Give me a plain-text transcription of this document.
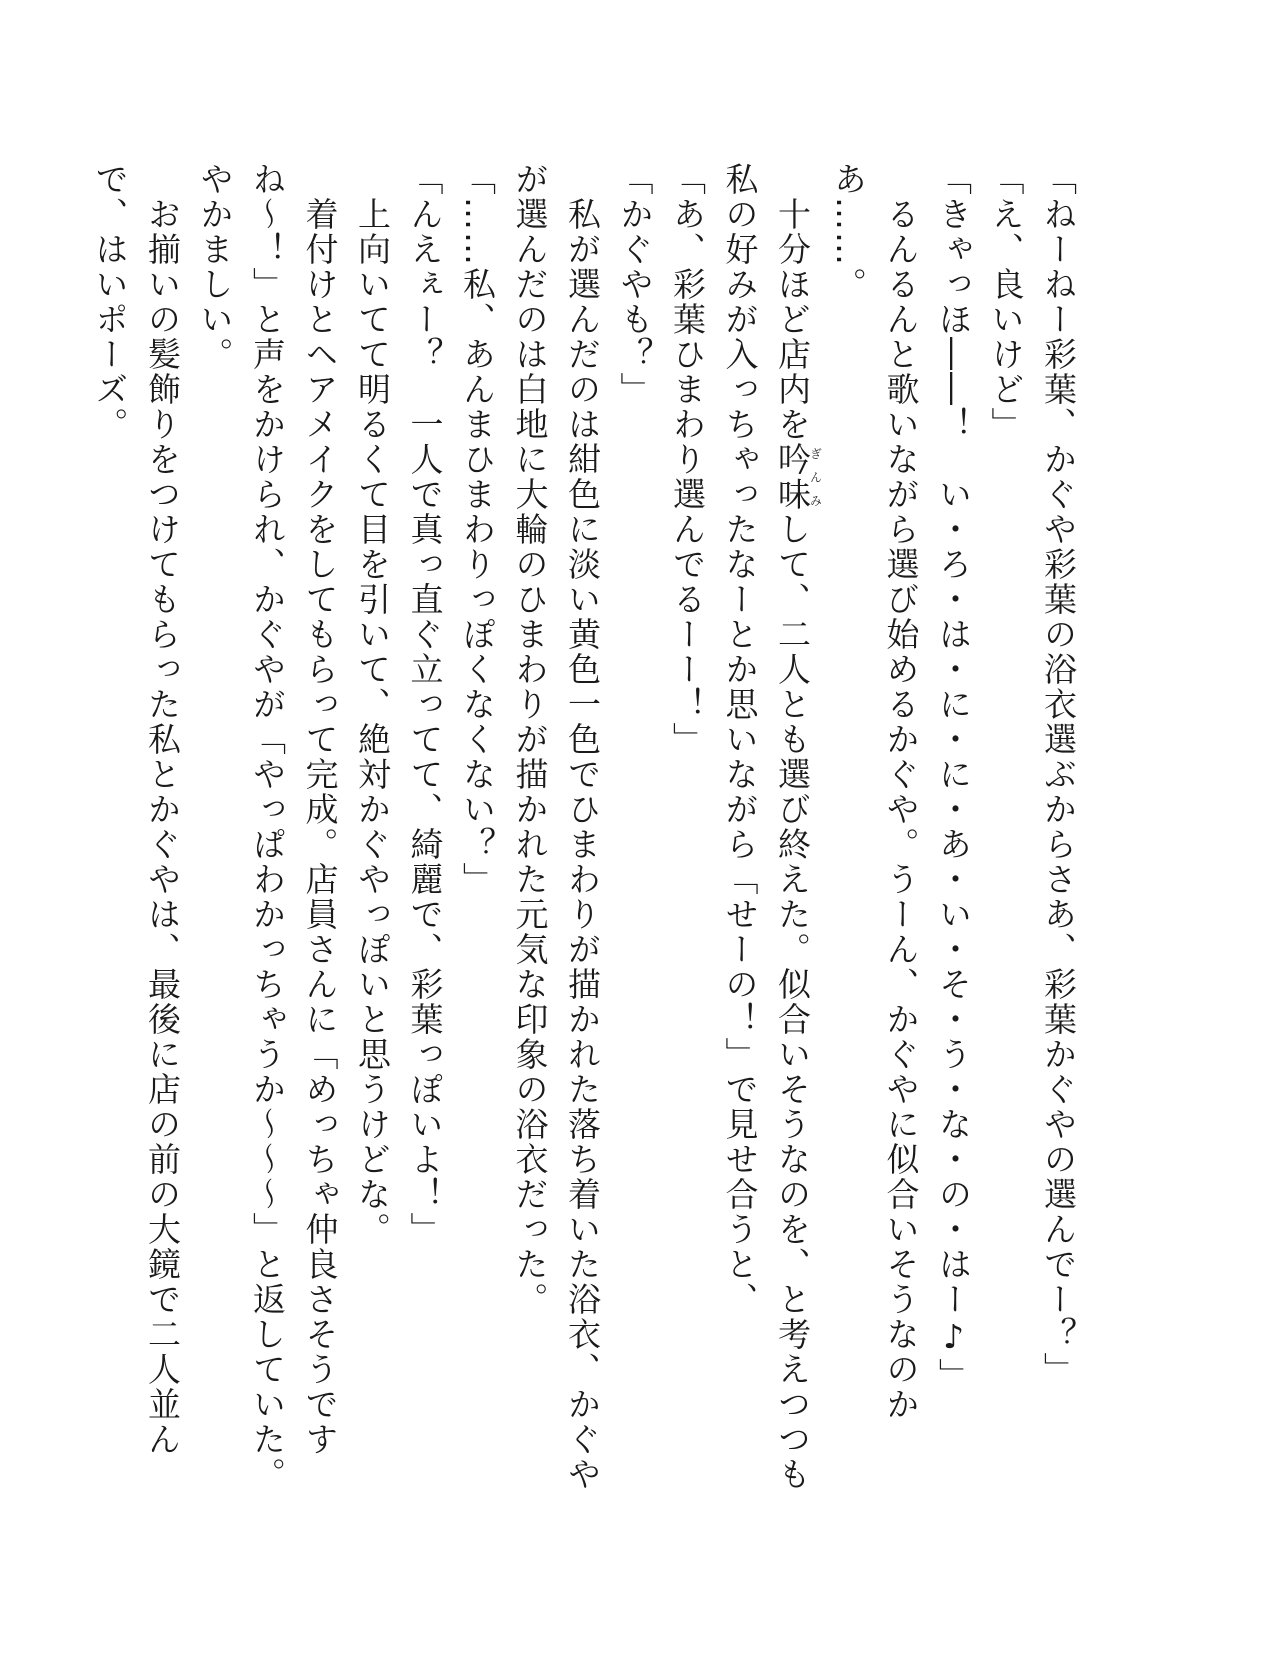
「ねーねー彩葉、かぐや彩葉の浴衣選ぶからさあ、彩葉かぐやの選んでー？」

「え、良いけど」

「きゃっほ――！　い・ろ・は・に・に・あ・い・そ・う・な・の・はー♪」

　るんるんと歌いながら選び始めるかぐや。うーん、かぐやに似合いそうなのかあ……。

　十分ほど店内を吟味ぎんみして、二人とも選び終えた。似合いそうなのを、と考えつつも私の好みが入っちゃったなーとか思いながら「せーの！」で見せ合うと、

「あ、彩葉ひまわり選んでるーー！」

「かぐやも？」

　私が選んだのは紺色に淡い黄色一色でひまわりが描かれた落ち着いた浴衣、かぐやが選んだのは白地に大輪のひまわりが描かれた元気な印象の浴衣だった。

「……私、あんまひまわりっぽくなくない？」

「んえぇー？　一人で真っ直ぐ立ってて、綺麗で、彩葉っぽいよ！」

　上向いてて明るくて目を引いて、絶対かぐやっぽいと思うけどな。

　着付けとヘアメイクをしてもらって完成。店員さんに「めっちゃ仲良さそうですね〜！」と声をかけられ、かぐやが「やっぱわかっちゃうか〜〜〜」と返していた。やかましい。

　お揃いの髪飾りをつけてもらった私とかぐやは、最後に店の前の大鏡で二人並んで、はいポーズ。
